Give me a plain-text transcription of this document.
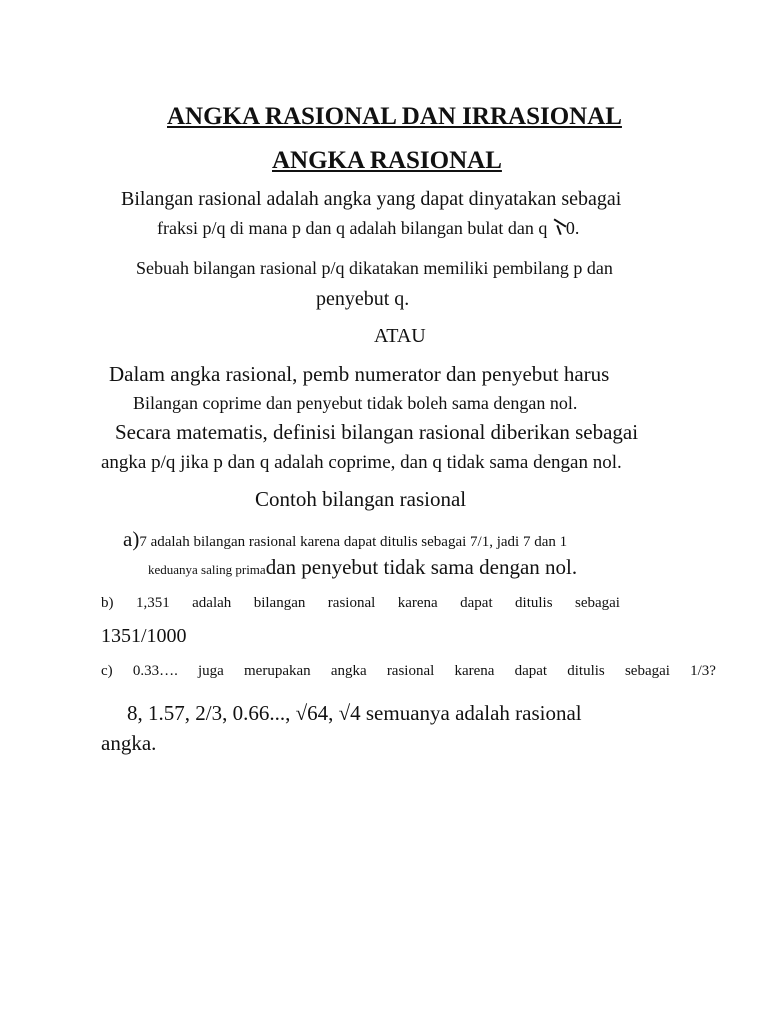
ANGKA RASIONAL DAN IRRASIONAL
ANGKA RASIONAL
Bilangan rasional adalah angka yang dapat dinyatakan sebagai
fraksi p/q di mana p dan q adalah bilangan bulat dan q 0.
Sebuah bilangan rasional p/q dikatakan memiliki pembilang p dan
penyebut q.
ATAU
Dalam angka rasional, pemb numerator dan penyebut harus
Bilangan coprime dan penyebut tidak boleh sama dengan nol.
Secara matematis, definisi bilangan rasional diberikan sebagai
angka p/q jika p dan q adalah coprime, dan q tidak sama dengan nol.
Contoh bilangan rasional
a)7 adalah bilangan rasional karena dapat ditulis sebagai 7/1, jadi 7 dan 1
keduanya saling primadan penyebut tidak sama dengan nol.
b) 1,351 adalah bilangan rasional karena dapat ditulis sebagai
1351/1000
c) 0.33…. juga merupakan angka rasional karena dapat ditulis sebagai 1/3?
8, 1.57, 2/3, 0.66..., √64, √4 semuanya adalah rasional
angka.
